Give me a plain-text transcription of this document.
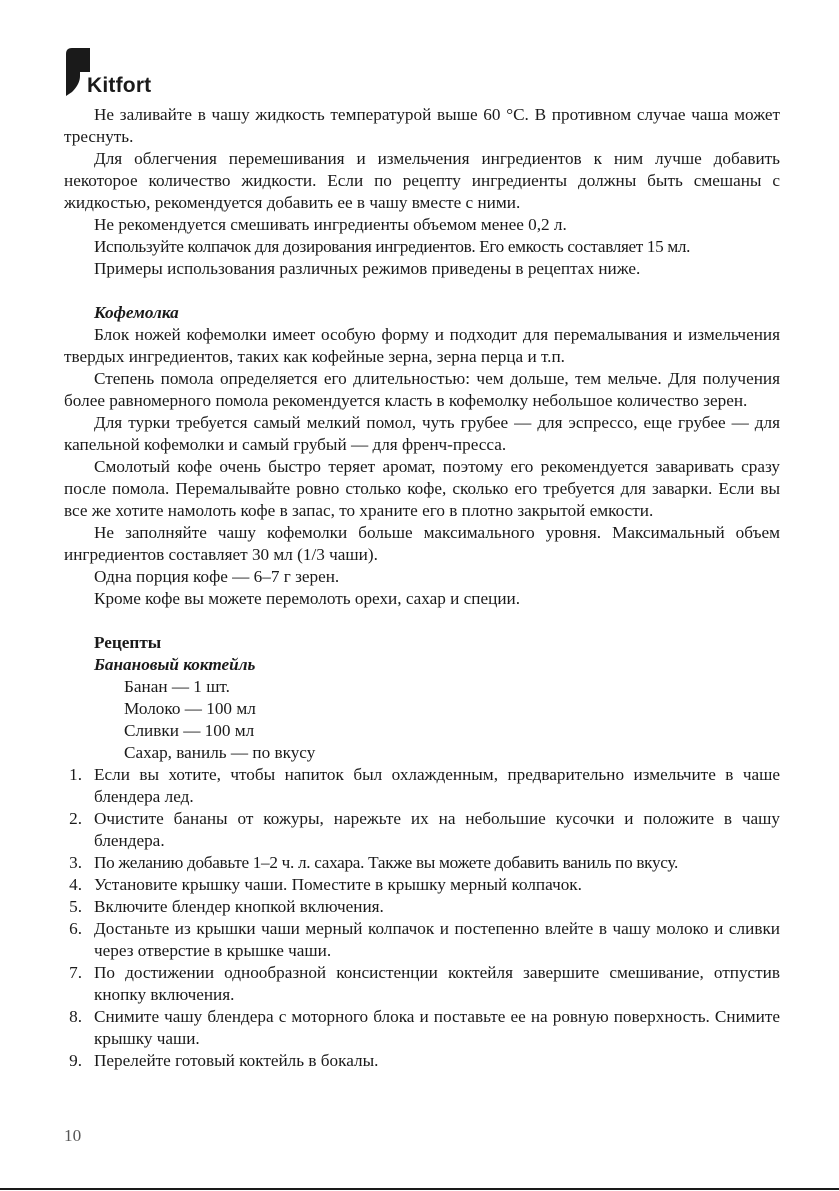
Kitfort

Не заливайте в чашу жидкость температурой выше 60 °С. В противном случае чаша может треснуть.

Для облегчения перемешивания и измельчения ингредиентов к ним лучше добавить некоторое количество жидкости. Если по рецепту ингредиенты должны быть смешаны с жидкостью, рекомендуется добавить ее в чашу вместе с ними.

Не рекомендуется смешивать ингредиенты объемом менее 0,2 л.

Используйте колпачок для дозирования ингредиентов. Его емкость составляет 15 мл.

Примеры использования различных режимов приведены в рецептах ниже.

Кофемолка

Блок ножей кофемолки имеет особую форму и подходит для перемалывания и измельчения твердых ингредиентов, таких как кофейные зерна, зерна перца и т.п.

Степень помола определяется его длительностью: чем дольше, тем мельче. Для получения более равномерного помола рекомендуется класть в кофемолку небольшое количество зерен.

Для турки требуется самый мелкий помол, чуть грубее — для эспрессо, еще грубее — для капельной кофемолки и самый грубый — для френч-пресса.

Смолотый кофе очень быстро теряет аромат, поэтому его рекомендуется заваривать сразу после помола. Перемалывайте ровно столько кофе, сколько его требуется для заварки. Если вы все же хотите намолоть кофе в запас, то храните его в плотно закрытой емкости.

Не заполняйте чашу кофемолки больше максимального уровня. Максимальный объем ингредиентов составляет 30 мл (1/3 чаши).

Одна порция кофе — 6–7 г зерен.

Кроме кофе вы можете перемолоть орехи, сахар и специи.

Рецепты

Банановый коктейль

Банан — 1 шт.

Молоко — 100 мл

Сливки — 100 мл

Сахар, ваниль — по вкусу

1. Если вы хотите, чтобы напиток был охлажденным, предварительно измельчите в чаше блендера лед.
2. Очистите бананы от кожуры, нарежьте их на небольшие кусочки и положите в чашу блендера.
3. По желанию добавьте 1–2 ч. л. сахара. Также вы можете добавить ваниль по вкусу.
4. Установите крышку чаши. Поместите в крышку мерный колпачок.
5. Включите блендер кнопкой включения.
6. Достаньте из крышки чаши мерный колпачок и постепенно влейте в чашу молоко и сливки через отверстие в крышке чаши.
7. По достижении однообразной консистенции коктейля завершите смешивание, отпустив кнопку включения.
8. Снимите чашу блендера с моторного блока и поставьте ее на ровную поверхность. Снимите крышку чаши.
9. Перелейте готовый коктейль в бокалы.
10
